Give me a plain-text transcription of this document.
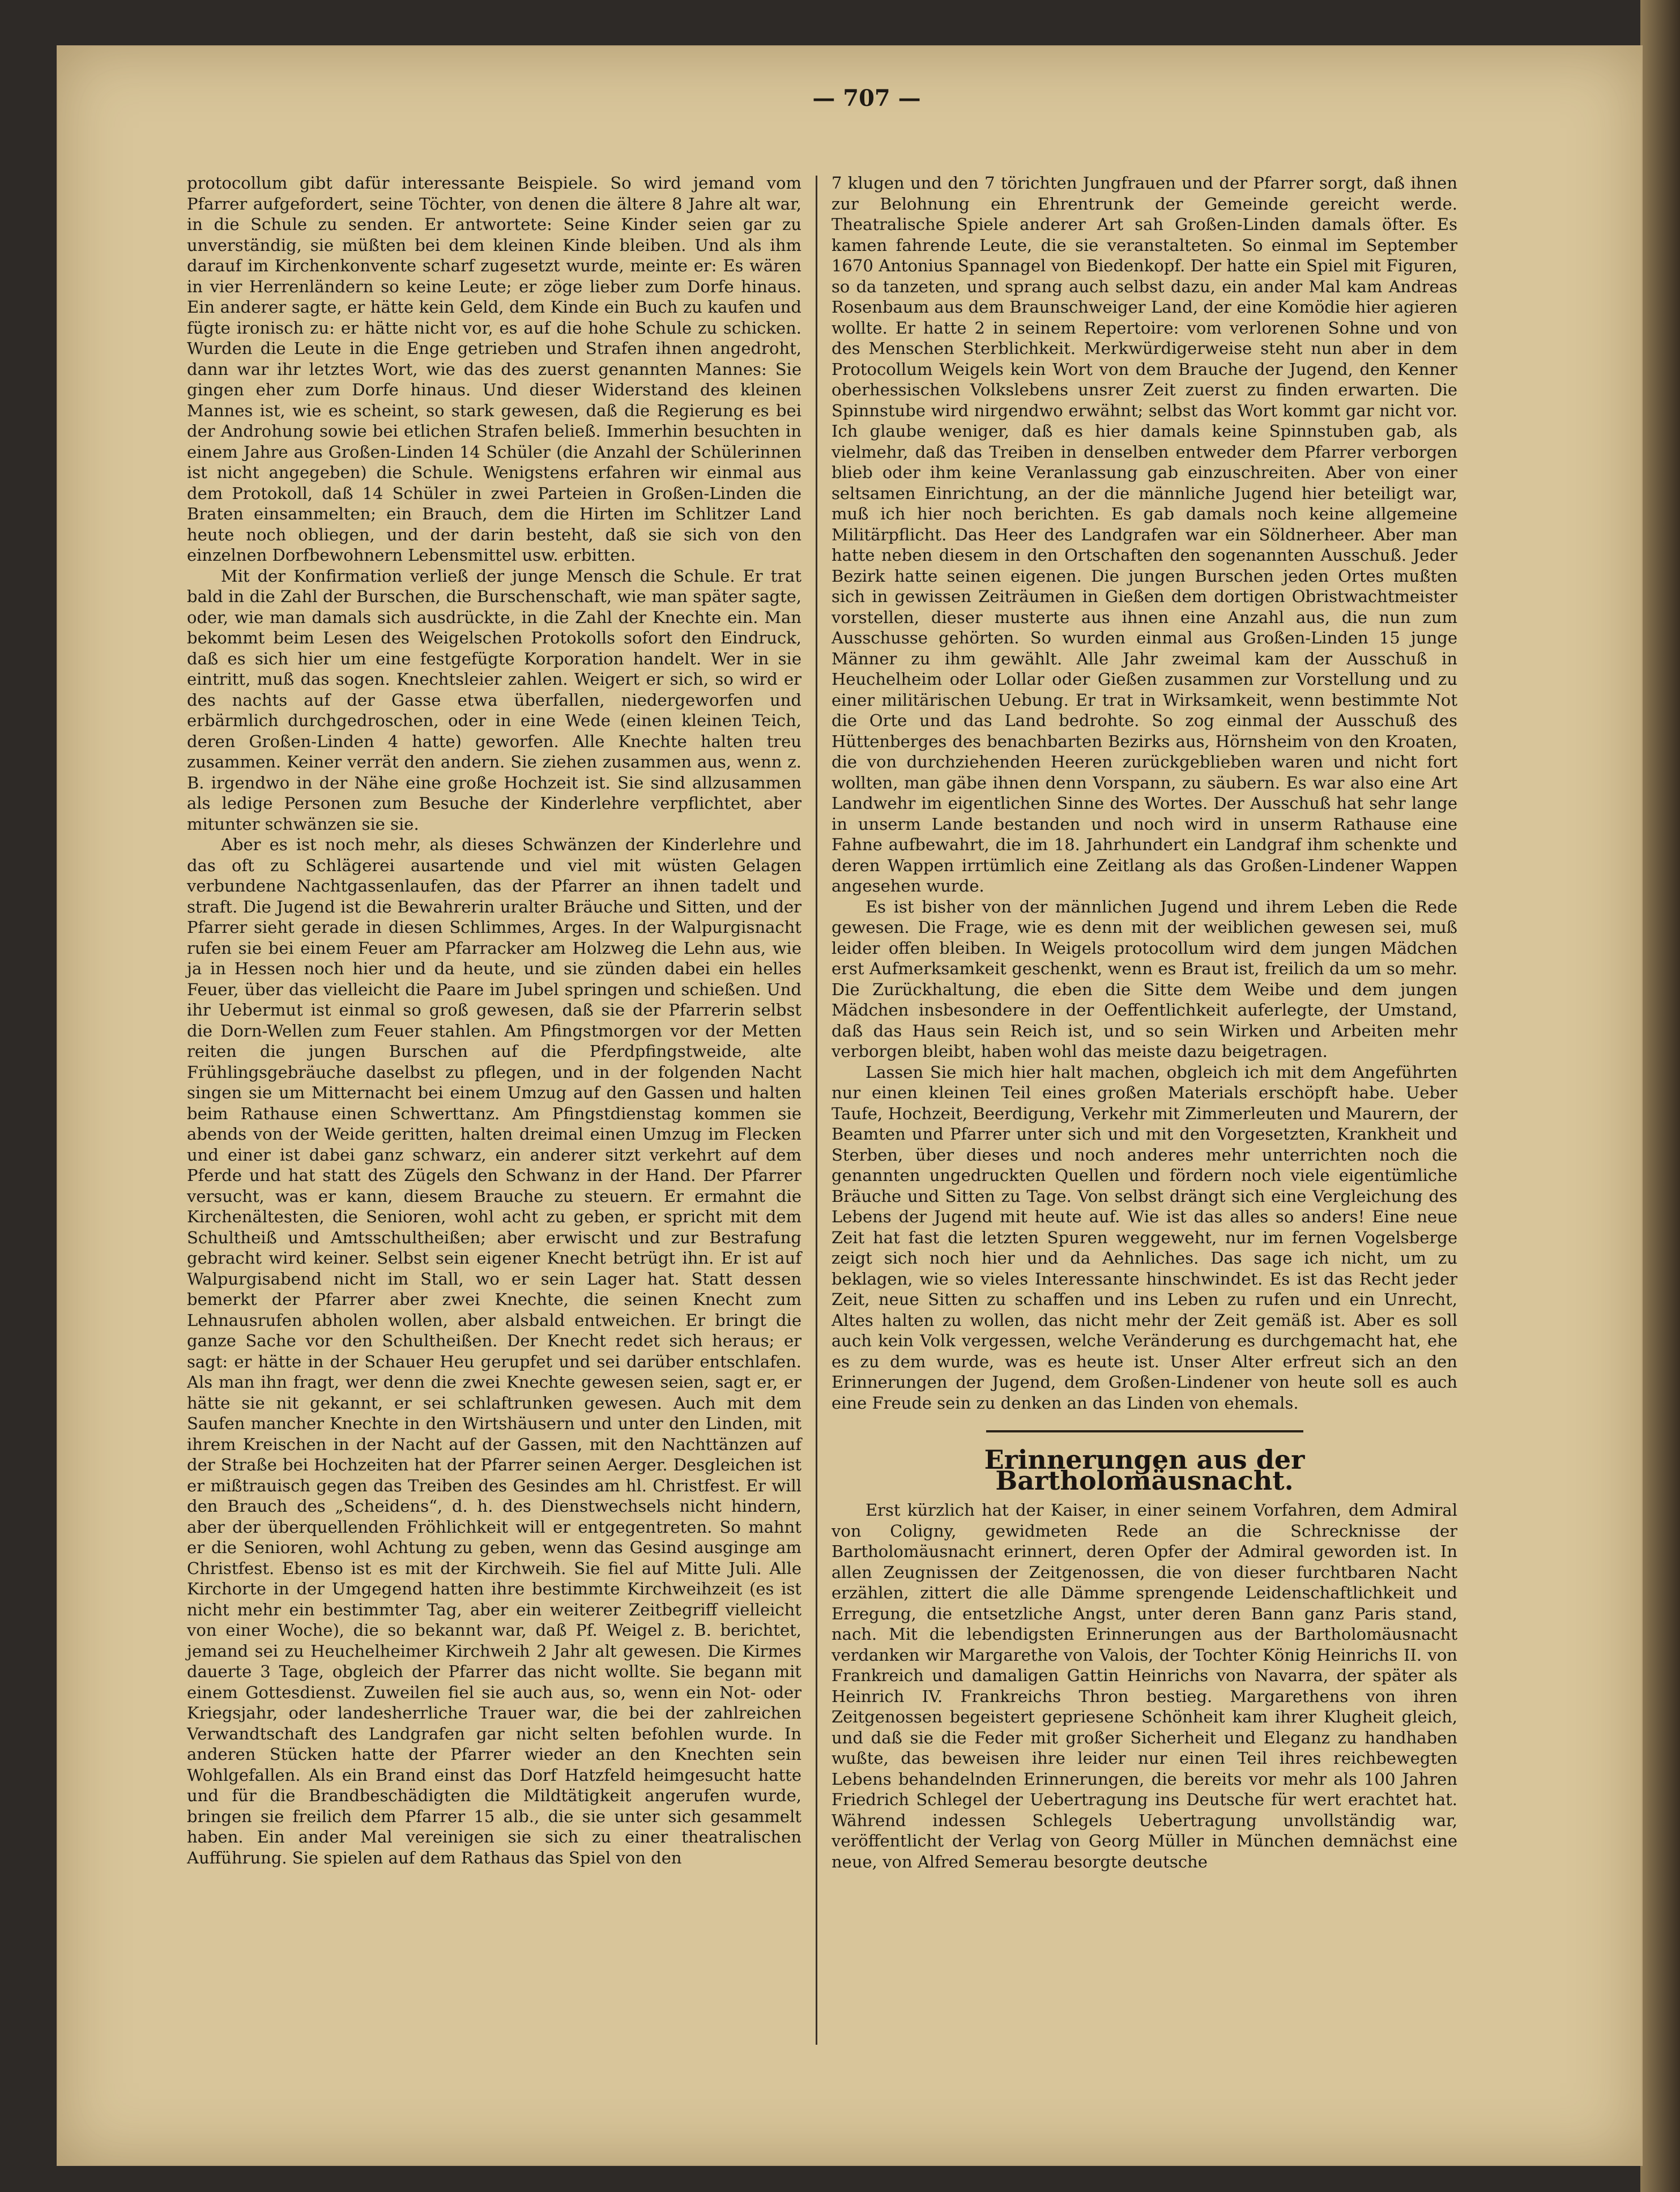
— 707 —

protocollum gibt dafür interessante Beispiele. So wird jemand vom Pfarrer aufgefordert, seine Töchter, von denen die ältere 8 Jahre alt war, in die Schule zu senden. Er antwortete: Seine Kinder seien gar zu unverständig, sie müßten bei dem kleinen Kinde bleiben. Und als ihm darauf im Kirchenkonvente scharf zugesetzt wurde, meinte er: Es wären in vier Herrenländern so keine Leute; er zöge lieber zum Dorfe hinaus. Ein anderer sagte, er hätte kein Geld, dem Kinde ein Buch zu kaufen und fügte ironisch zu: er hätte nicht vor, es auf die hohe Schule zu schicken. Wurden die Leute in die Enge getrieben und Strafen ihnen angedroht, dann war ihr letztes Wort, wie das des zuerst genannten Mannes: Sie gingen eher zum Dorfe hinaus. Und dieser Widerstand des kleinen Mannes ist, wie es scheint, so stark gewesen, daß die Regierung es bei der Androhung sowie bei etlichen Strafen beließ. Immerhin besuchten in einem Jahre aus Großen-Linden 14 Schüler (die Anzahl der Schülerinnen ist nicht angegeben) die Schule. Wenigstens erfahren wir einmal aus dem Protokoll, daß 14 Schüler in zwei Parteien in Großen-Linden die Braten einsammelten; ein Brauch, dem die Hirten im Schlitzer Land heute noch obliegen, und der darin besteht, daß sie sich von den einzelnen Dorfbewohnern Lebensmittel usw. erbitten.

Mit der Konfirmation verließ der junge Mensch die Schule. Er trat bald in die Zahl der Burschen, die Burschenschaft, wie man später sagte, oder, wie man damals sich ausdrückte, in die Zahl der Knechte ein. Man bekommt beim Lesen des Weigelschen Protokolls sofort den Eindruck, daß es sich hier um eine festgefügte Korporation handelt. Wer in sie eintritt, muß das sogen. Knechtsleier zahlen. Weigert er sich, so wird er des nachts auf der Gasse etwa überfallen, niedergeworfen und erbärmlich durchgedroschen, oder in eine Wede (einen kleinen Teich, deren Großen-Linden 4 hatte) geworfen. Alle Knechte halten treu zusammen. Keiner verrät den andern. Sie ziehen zusammen aus, wenn z. B. irgendwo in der Nähe eine große Hochzeit ist. Sie sind allzusammen als ledige Personen zum Besuche der Kinderlehre verpflichtet, aber mitunter schwänzen sie sie.

Aber es ist noch mehr, als dieses Schwänzen der Kinderlehre und das oft zu Schlägerei ausartende und viel mit wüsten Gelagen verbundene Nachtgassenlaufen, das der Pfarrer an ihnen tadelt und straft. Die Jugend ist die Bewahrerin uralter Bräuche und Sitten, und der Pfarrer sieht gerade in diesen Schlimmes, Arges. In der Walpurgisnacht rufen sie bei einem Feuer am Pfarracker am Holzweg die Lehn aus, wie ja in Hessen noch hier und da heute, und sie zünden dabei ein helles Feuer, über das vielleicht die Paare im Jubel springen und schießen. Und ihr Uebermut ist einmal so groß gewesen, daß sie der Pfarrerin selbst die Dorn-Wellen zum Feuer stahlen. Am Pfingstmorgen vor der Metten reiten die jungen Burschen auf die Pferdpfingstweide, alte Frühlingsgebräuche daselbst zu pflegen, und in der folgenden Nacht singen sie um Mitternacht bei einem Umzug auf den Gassen und halten beim Rathause einen Schwerttanz. Am Pfingstdienstag kommen sie abends von der Weide geritten, halten dreimal einen Umzug im Flecken und einer ist dabei ganz schwarz, ein anderer sitzt verkehrt auf dem Pferde und hat statt des Zügels den Schwanz in der Hand. Der Pfarrer versucht, was er kann, diesem Brauche zu steuern. Er ermahnt die Kirchenältesten, die Senioren, wohl acht zu geben, er spricht mit dem Schultheiß und Amtsschultheißen; aber erwischt und zur Bestrafung gebracht wird keiner. Selbst sein eigener Knecht betrügt ihn. Er ist auf Walpurgisabend nicht im Stall, wo er sein Lager hat. Statt dessen bemerkt der Pfarrer aber zwei Knechte, die seinen Knecht zum Lehnausrufen abholen wollen, aber alsbald entweichen. Er bringt die ganze Sache vor den Schultheißen. Der Knecht redet sich heraus; er sagt: er hätte in der Schauer Heu gerupfet und sei darüber entschlafen. Als man ihn fragt, wer denn die zwei Knechte gewesen seien, sagt er, er hätte sie nit gekannt, er sei schlaftrunken gewesen. Auch mit dem Saufen mancher Knechte in den Wirtshäusern und unter den Linden, mit ihrem Kreischen in der Nacht auf der Gassen, mit den Nachttänzen auf der Straße bei Hochzeiten hat der Pfarrer seinen Aerger. Desgleichen ist er mißtrauisch gegen das Treiben des Gesindes am hl. Christfest. Er will den Brauch des „Scheidens“, d. h. des Dienstwechsels nicht hindern, aber der überquellenden Fröhlichkeit will er entgegentreten. So mahnt er die Senioren, wohl Achtung zu geben, wenn das Gesind ausginge am Christfest. Ebenso ist es mit der Kirchweih. Sie fiel auf Mitte Juli. Alle Kirchorte in der Umgegend hatten ihre bestimmte Kirchweihzeit (es ist nicht mehr ein bestimmter Tag, aber ein weiterer Zeitbegriff vielleicht von einer Woche), die so bekannt war, daß Pf. Weigel z. B. berichtet, jemand sei zu Heuchelheimer Kirchweih 2 Jahr alt gewesen. Die Kirmes dauerte 3 Tage, obgleich der Pfarrer das nicht wollte. Sie begann mit einem Gottesdienst. Zuweilen fiel sie auch aus, so, wenn ein Not- oder Kriegsjahr, oder landesherrliche Trauer war, die bei der zahlreichen Verwandtschaft des Landgrafen gar nicht selten befohlen wurde. In anderen Stücken hatte der Pfarrer wieder an den Knechten sein Wohlgefallen. Als ein Brand einst das Dorf Hatzfeld heimgesucht hatte und für die Brandbeschädigten die Mildtätigkeit angerufen wurde, bringen sie freilich dem Pfarrer 15 alb., die sie unter sich gesammelt haben. Ein ander Mal vereinigen sie sich zu einer theatralischen Aufführung. Sie spielen auf dem Rathaus das Spiel von den

7 klugen und den 7 törichten Jungfrauen und der Pfarrer sorgt, daß ihnen zur Belohnung ein Ehrentrunk der Gemeinde gereicht werde. Theatralische Spiele anderer Art sah Großen-Linden damals öfter. Es kamen fahrende Leute, die sie veranstalteten. So einmal im September 1670 Antonius Spannagel von Biedenkopf. Der hatte ein Spiel mit Figuren, so da tanzeten, und sprang auch selbst dazu, ein ander Mal kam Andreas Rosenbaum aus dem Braunschweiger Land, der eine Komödie hier agieren wollte. Er hatte 2 in seinem Repertoire: vom verlorenen Sohne und von des Menschen Sterblichkeit. Merkwürdigerweise steht nun aber in dem Protocollum Weigels kein Wort von dem Brauche der Jugend, den Kenner oberhessischen Volkslebens unsrer Zeit zuerst zu finden erwarten. Die Spinnstube wird nirgendwo erwähnt; selbst das Wort kommt gar nicht vor. Ich glaube weniger, daß es hier damals keine Spinnstuben gab, als vielmehr, daß das Treiben in denselben entweder dem Pfarrer verborgen blieb oder ihm keine Veranlassung gab einzuschreiten. Aber von einer seltsamen Einrichtung, an der die männliche Jugend hier beteiligt war, muß ich hier noch berichten. Es gab damals noch keine allgemeine Militärpflicht. Das Heer des Landgrafen war ein Söldnerheer. Aber man hatte neben diesem in den Ortschaften den sogenannten Ausschuß. Jeder Bezirk hatte seinen eigenen. Die jungen Burschen jeden Ortes mußten sich in gewissen Zeiträumen in Gießen dem dortigen Obristwachtmeister vorstellen, dieser musterte aus ihnen eine Anzahl aus, die nun zum Ausschusse gehörten. So wurden einmal aus Großen-Linden 15 junge Männer zu ihm gewählt. Alle Jahr zweimal kam der Ausschuß in Heuchelheim oder Lollar oder Gießen zusammen zur Vorstellung und zu einer militärischen Uebung. Er trat in Wirksamkeit, wenn bestimmte Not die Orte und das Land bedrohte. So zog einmal der Ausschuß des Hüttenberges des benachbarten Bezirks aus, Hörnsheim von den Kroaten, die von durchziehenden Heeren zurückgeblieben waren und nicht fort wollten, man gäbe ihnen denn Vorspann, zu säubern. Es war also eine Art Landwehr im eigentlichen Sinne des Wortes. Der Ausschuß hat sehr lange in unserm Lande bestanden und noch wird in unserm Rathause eine Fahne aufbewahrt, die im 18. Jahrhundert ein Landgraf ihm schenkte und deren Wappen irrtümlich eine Zeitlang als das Großen-Lindener Wappen angesehen wurde.

Es ist bisher von der männlichen Jugend und ihrem Leben die Rede gewesen. Die Frage, wie es denn mit der weiblichen gewesen sei, muß leider offen bleiben. In Weigels protocollum wird dem jungen Mädchen erst Aufmerksamkeit geschenkt, wenn es Braut ist, freilich da um so mehr. Die Zurückhaltung, die eben die Sitte dem Weibe und dem jungen Mädchen insbesondere in der Oeffentlichkeit auferlegte, der Umstand, daß das Haus sein Reich ist, und so sein Wirken und Arbeiten mehr verborgen bleibt, haben wohl das meiste dazu beigetragen.

Lassen Sie mich hier halt machen, obgleich ich mit dem Angeführten nur einen kleinen Teil eines großen Materials erschöpft habe. Ueber Taufe, Hochzeit, Beerdigung, Verkehr mit Zimmerleuten und Maurern, der Beamten und Pfarrer unter sich und mit den Vorgesetzten, Krankheit und Sterben, über dieses und noch anderes mehr unterrichten noch die genannten ungedruckten Quellen und fördern noch viele eigentümliche Bräuche und Sitten zu Tage. Von selbst drängt sich eine Vergleichung des Lebens der Jugend mit heute auf. Wie ist das alles so anders! Eine neue Zeit hat fast die letzten Spuren weggeweht, nur im fernen Vogelsberge zeigt sich noch hier und da Aehnliches. Das sage ich nicht, um zu beklagen, wie so vieles Interessante hinschwindet. Es ist das Recht jeder Zeit, neue Sitten zu schaffen und ins Leben zu rufen und ein Unrecht, Altes halten zu wollen, das nicht mehr der Zeit gemäß ist. Aber es soll auch kein Volk vergessen, welche Veränderung es durchgemacht hat, ehe es zu dem wurde, was es heute ist. Unser Alter erfreut sich an den Erinnerungen der Jugend, dem Großen-Lindener von heute soll es auch eine Freude sein zu denken an das Linden von ehemals.

Erinnerungen aus der Bartholomäusnacht.

Erst kürzlich hat der Kaiser, in einer seinem Vorfahren, dem Admiral von Coligny, gewidmeten Rede an die Schrecknisse der Bartholomäusnacht erinnert, deren Opfer der Admiral geworden ist. In allen Zeugnissen der Zeitgenossen, die von dieser furchtbaren Nacht erzählen, zittert die alle Dämme sprengende Leidenschaftlichkeit und Erregung, die entsetzliche Angst, unter deren Bann ganz Paris stand, nach. Mit die lebendigsten Erinnerungen aus der Bartholomäusnacht verdanken wir Margarethe von Valois, der Tochter König Heinrichs II. von Frankreich und damaligen Gattin Heinrichs von Navarra, der später als Heinrich IV. Frankreichs Thron bestieg. Margarethens von ihren Zeitgenossen begeistert gepriesene Schönheit kam ihrer Klugheit gleich, und daß sie die Feder mit großer Sicherheit und Eleganz zu handhaben wußte, das beweisen ihre leider nur einen Teil ihres reichbewegten Lebens behandelnden Erinnerungen, die bereits vor mehr als 100 Jahren Friedrich Schlegel der Uebertragung ins Deutsche für wert erachtet hat. Während indessen Schlegels Uebertragung unvollständig war, veröffentlicht der Verlag von Georg Müller in München demnächst eine neue, von Alfred Semerau besorgte deutsche
